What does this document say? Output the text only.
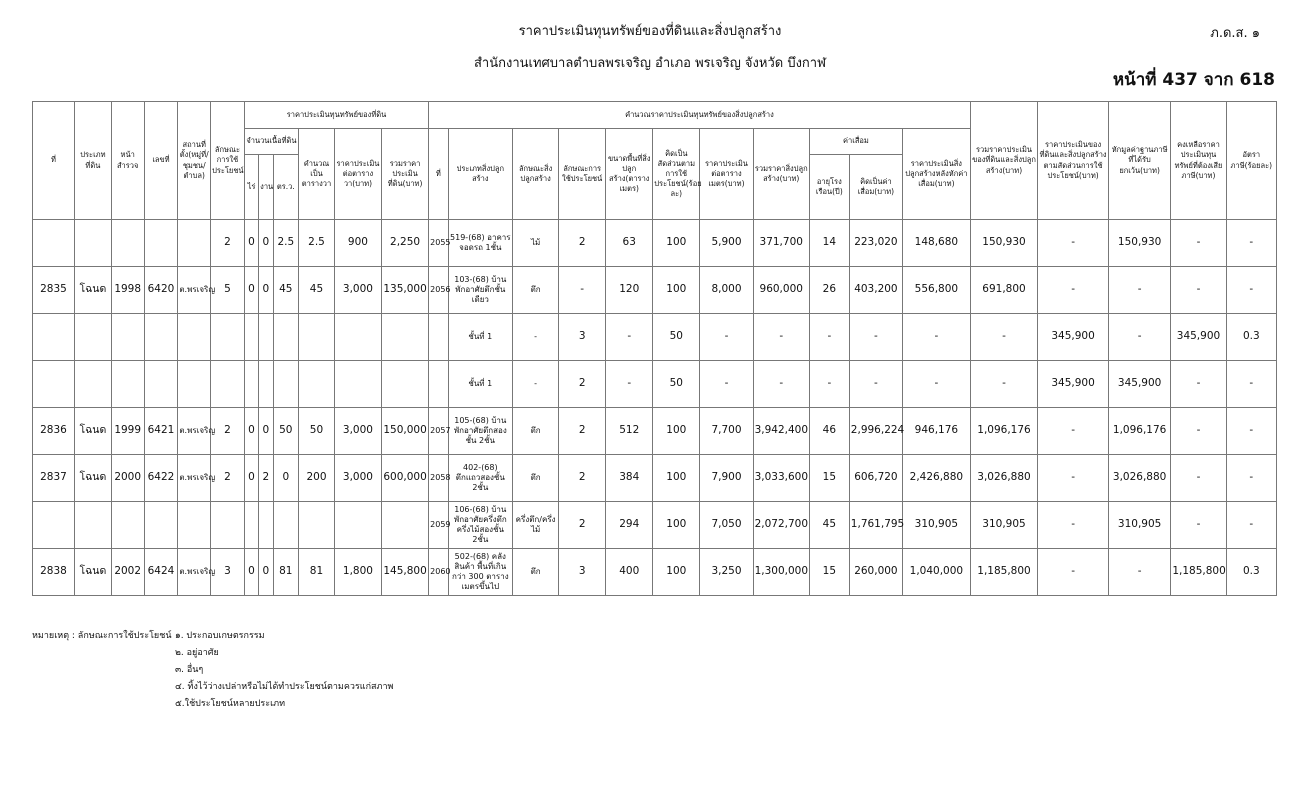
ราคาประเมินทุนทรัพย์ของที่ดินและสิ่งปลูกสร้าง	ภ.ด.ส. ๑
สำนักงานเทศบาลตำบลพรเจริญ อำเภอ พรเจริญ จังหวัด บึงกาฬ
หน้าที่ 437 จาก 618
ที่	ประเภทที่ดิน	หน้าสำรวจ	เลขที่	สถานที่ตั้ง(หมู่ที่/ชุมชน/ตำบล)	ลักษณะการใช้ประโยชน์	ราคาประเมินทุนทรัพย์ของที่ดิน						คำนวณราคาประเมินทุนทรัพย์ของสิ่งปลูกสร้าง											รวมราคาประเมินของที่ดินและสิ่งปลูกสร้าง(บาท)	ราคาประเมินของที่ดินและสิ่งปลูกสร้างตามสัดส่วนการใช้ประโยชน์(บาท)	หักมูลค่าฐานภาษีที่ได้รับยกเว้น(บาท)	คงเหลือราคาประเมินทุนทรัพย์ที่ต้องเสียภาษี(บาท)	อัตราภาษี(ร้อยละ)
						จำนวนเนื้อที่ดิน			คำนวณเป็นตารางวา	ราคาประเมินต่อตารางวา(บาท)	รวมราคาประเมินที่ดิน(บาท)	ที่	ประเภทสิ่งปลูกสร้าง	ลักษณะสิ่งปลูกสร้าง	ลักษณะการใช้ประโยชน์	ขนาดพื้นที่สิ่งปลูกสร้าง(ตารางเมตร)	คิดเป็นสัดส่วนตามการใช้ประโยชน์(ร้อยละ)	ราคาประเมินต่อตารางเมตร(บาท)	รวมราคาสิ่งปลูกสร้าง(บาท)	ค่าเสื่อม		ราคาประเมินสิ่งปลูกสร้างหลังหักค่าเสื่อม(บาท)					
						ไร่	งาน	ตร.ว.												อายุโรงเรือน(ปี)	คิดเป็นค่าเสื่อม(บาท)						
					2	0	0	2.5	2.5	900	2,250	2055	519-(68) อาคารจอดรถ 1ชั้น	ไม้	2	63	100	5,900	371,700	14	223,020	148,680	150,930	-	150,930	-	-
2835	โฉนด	1998	6420	ต.พรเจริญ	5	0	0	45	45	3,000	135,000	2056	103-(68) บ้านพักอาศัยตึกชั้นเดียว	ตึก	-	120	100	8,000	960,000	26	403,200	556,800	691,800	-	-	-	-
													ชั้นที่ 1	-	3	-	50	-	-	-	-	-	-	345,900	-	345,900	0.3
													ชั้นที่ 1	-	2	-	50	-	-	-	-	-	-	345,900	345,900	-	-
2836	โฉนด	1999	6421	ต.พรเจริญ	2	0	0	50	50	3,000	150,000	2057	105-(68) บ้านพักอาศัยตึกสองชั้น 2ชั้น	ตึก	2	512	100	7,700	3,942,400	46	2,996,224	946,176	1,096,176	-	1,096,176	-	-
2837	โฉนด	2000	6422	ต.พรเจริญ	2	0	2	0	200	3,000	600,000	2058	402-(68) ตึกแถวสองชั้น 2ชั้น	ตึก	2	384	100	7,900	3,033,600	15	606,720	2,426,880	3,026,880	-	3,026,880	-	-
												2059	106-(68) บ้านพักอาศัยครึ่งตึกครึ่งไม้สองชั้น 2ชั้น	ครึ่งตึก/ครึ่งไม้	2	294	100	7,050	2,072,700	45	1,761,795	310,905	310,905	-	310,905	-	-
2838	โฉนด	2002	6424	ต.พรเจริญ	3	0	0	81	81	1,800	145,800	2060	502-(68) คลังสินค้า พื้นที่เกินกว่า 300 ตารางเมตรขึ้นไป	ตึก	3	400	100	3,250	1,300,000	15	260,000	1,040,000	1,185,800	-	-	1,185,800	0.3
หมายเหตุ : ลักษณะการใช้ประโยชน์ ๑. ประกอบเกษตรกรรม
๒. อยู่อาศัย
๓. อื่นๆ
๔. ทิ้งไว้ว่างเปล่าหรือไม่ได้ทำประโยชน์ตามควรแก่สภาพ
๕.ใช้ประโยชน์หลายประเภท
